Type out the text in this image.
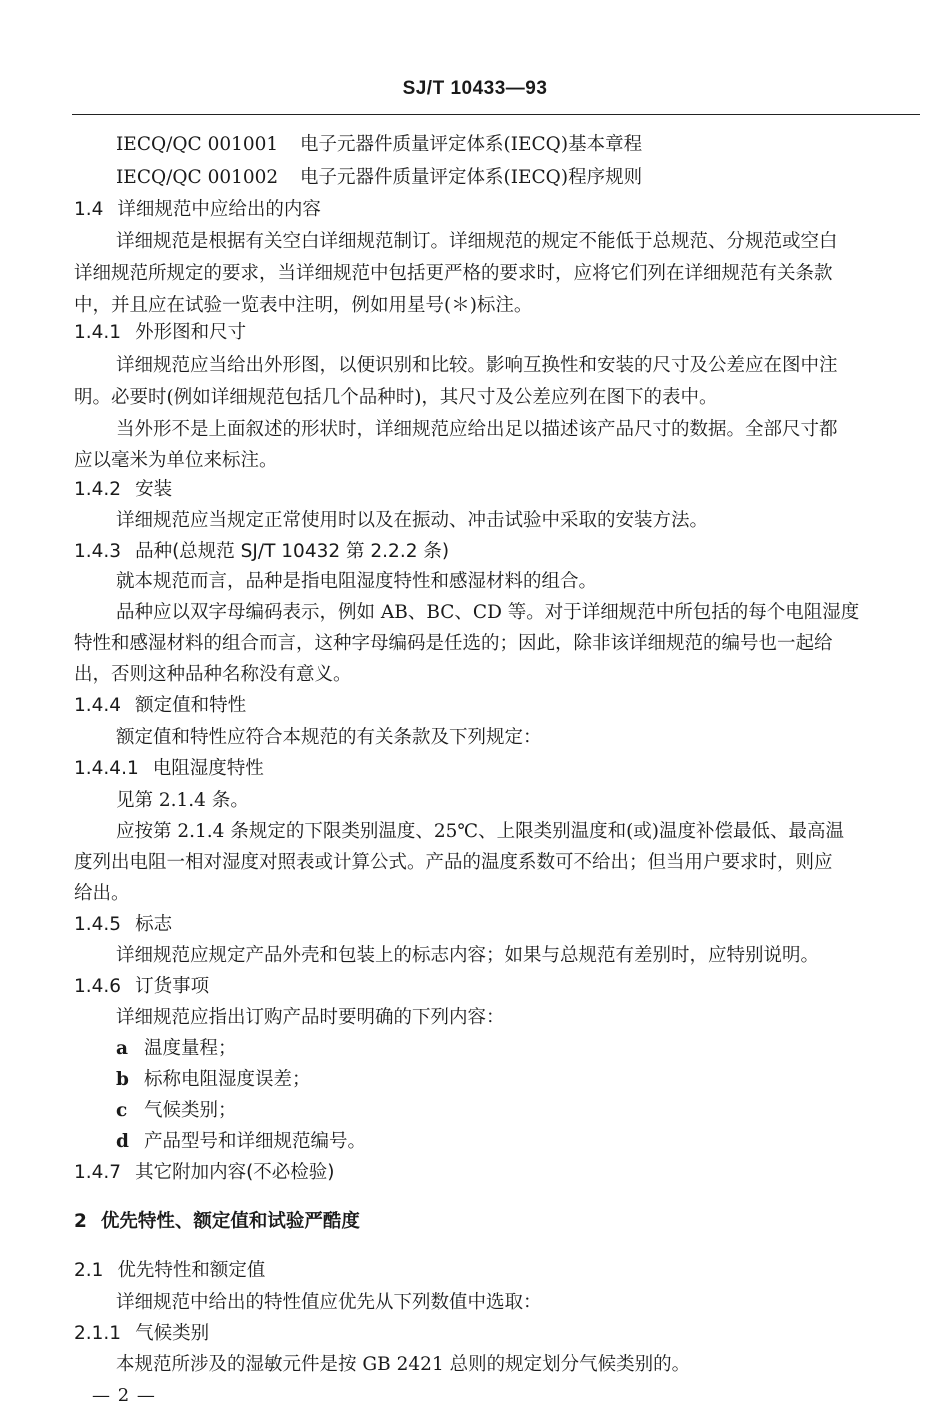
SJ/T 10433—93
IECQ/QC 001001 电子元器件质量评定体系(IECQ)基本章程
IECQ/QC 001002 电子元器件质量评定体系(IECQ)程序规则
1.4 详细规范中应给出的内容
详细规范是根据有关空白详细规范制订。详细规范的规定不能低于总规范、分规范或空白
详细规范所规定的要求，当详细规范中包括更严格的要求时，应将它们列在详细规范有关条款
中，并且应在试验一览表中注明，例如用星号(＊)标注。
1.4.1 外形图和尺寸
详细规范应当给出外形图，以便识别和比较。影响互换性和安装的尺寸及公差应在图中注
明。必要时(例如详细规范包括几个品种时)，其尺寸及公差应列在图下的表中。
当外形不是上面叙述的形状时，详细规范应给出足以描述该产品尺寸的数据。全部尺寸都
应以毫米为单位来标注。
1.4.2 安装
详细规范应当规定正常使用时以及在振动、冲击试验中采取的安装方法。
1.4.3 品种(总规范 SJ/T 10432 第 2.2.2 条)
就本规范而言，品种是指电阻湿度特性和感湿材料的组合。
品种应以双字母编码表示，例如 AB、BC、CD 等。对于详细规范中所包括的每个电阻湿度
特性和感湿材料的组合而言，这种字母编码是任选的；因此，除非该详细规范的编号也一起给
出，否则这种品种名称没有意义。
1.4.4 额定值和特性
额定值和特性应符合本规范的有关条款及下列规定：
1.4.4.1 电阻湿度特性
见第 2.1.4 条。
应按第 2.1.4 条规定的下限类别温度、25℃、上限类别温度和(或)温度补偿最低、最高温
度列出电阻一相对湿度对照表或计算公式。产品的温度系数可不给出；但当用户要求时，则应
给出。
1.4.5 标志
详细规范应规定产品外壳和包装上的标志内容；如果与总规范有差别时，应特别说明。
1.4.6 订货事项
详细规范应指出订购产品时要明确的下列内容：
a 温度量程；
b 标称电阻湿度误差；
c 气候类别；
d 产品型号和详细规范编号。
1.4.7 其它附加内容(不必检验)
2 优先特性、额定值和试验严酷度
2.1 优先特性和额定值
详细规范中给出的特性值应优先从下列数值中选取：
2.1.1 气候类别
本规范所涉及的湿敏元件是按 GB 2421 总则的规定划分气候类别的。
— 2 —
